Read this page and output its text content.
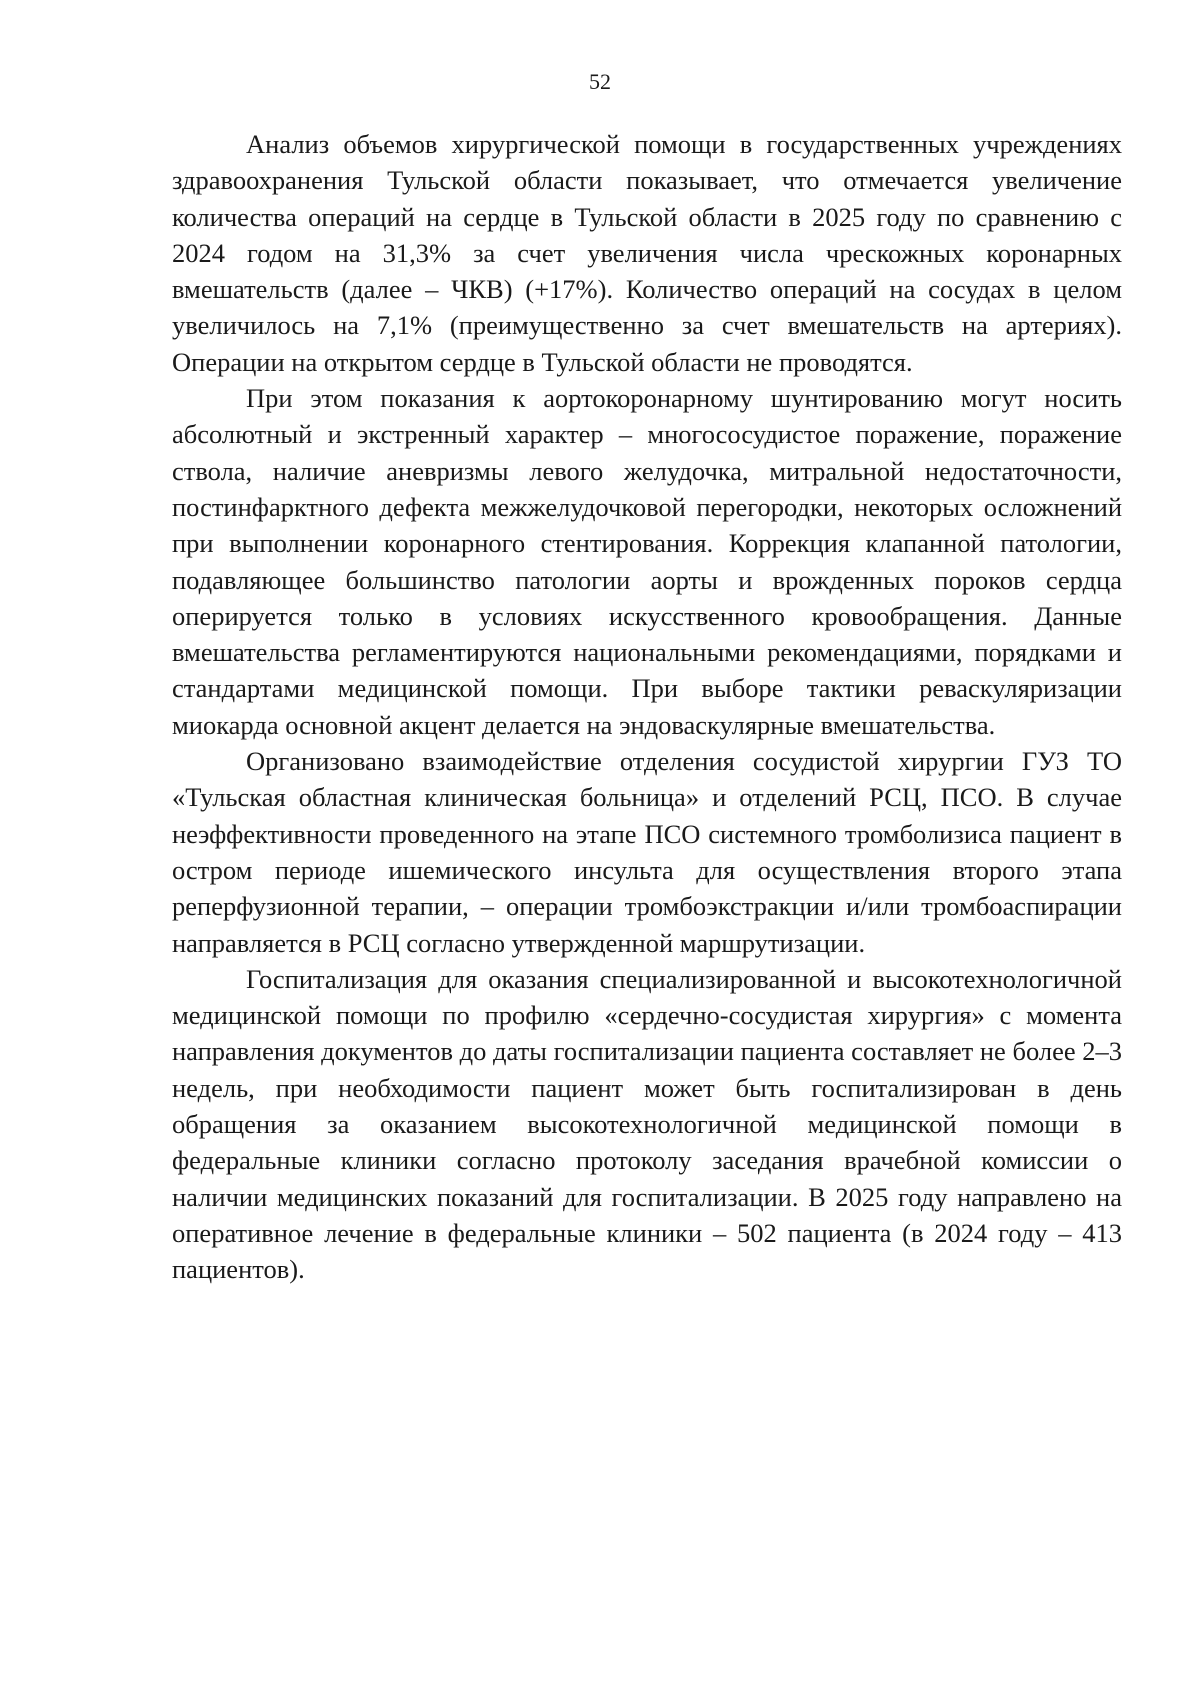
52

Анализ объемов хирургической помощи в государственных учреждениях здравоохранения Тульской области показывает, что отмечается увеличение количества операций на сердце в Тульской области в 2025 году по сравнению с 2024 годом на 31,3% за счет увеличения числа чрескожных коронарных вмешательств (далее – ЧКВ) (+17%). Количество операций на сосудах в целом увеличилось на 7,1% (преимущественно за счет вмешательств на артериях). Операции на открытом сердце в Тульской области не проводятся.

При этом показания к аортокоронарному шунтированию могут носить абсолютный и экстренный характер – многососудистое поражение, поражение ствола, наличие аневризмы левого желудочка, митральной недостаточности, постинфарктного дефекта межжелудочковой перегородки, некоторых осложнений при выполнении коронарного стентирования. Коррекция клапанной патологии, подавляющее большинство патологии аорты и врожденных пороков сердца оперируется только в условиях искусственного кровообращения. Данные вмешательства регламентируются национальными рекомендациями, порядками и стандартами медицинской помощи. При выборе тактики реваскуляризации миокарда основной акцент делается на эндоваскулярные вмешательства.

Организовано взаимодействие отделения сосудистой хирургии ГУЗ ТО «Тульская областная клиническая больница» и отделений РСЦ, ПСО. В случае неэффективности проведенного на этапе ПСО системного тромболизиса пациент в остром периоде ишемического инсульта для осуществления второго этапа реперфузионной терапии, – операции тромбоэкстракции и/или тромбоаспирации направляется в РСЦ согласно утвержденной маршрутизации.

Госпитализация для оказания специализированной и высокотехнологичной медицинской помощи по профилю «сердечно-сосудистая хирургия» с момента направления документов до даты госпитализации пациента составляет не более 2–3 недель, при необходимости пациент может быть госпитализирован в день обращения за оказанием высокотехнологичной медицинской помощи в федеральные клиники согласно протоколу заседания врачебной комиссии о наличии медицинских показаний для госпитализации. В 2025 году направлено на оперативное лечение в федеральные клиники – 502 пациента (в 2024 году – 413 пациентов).
